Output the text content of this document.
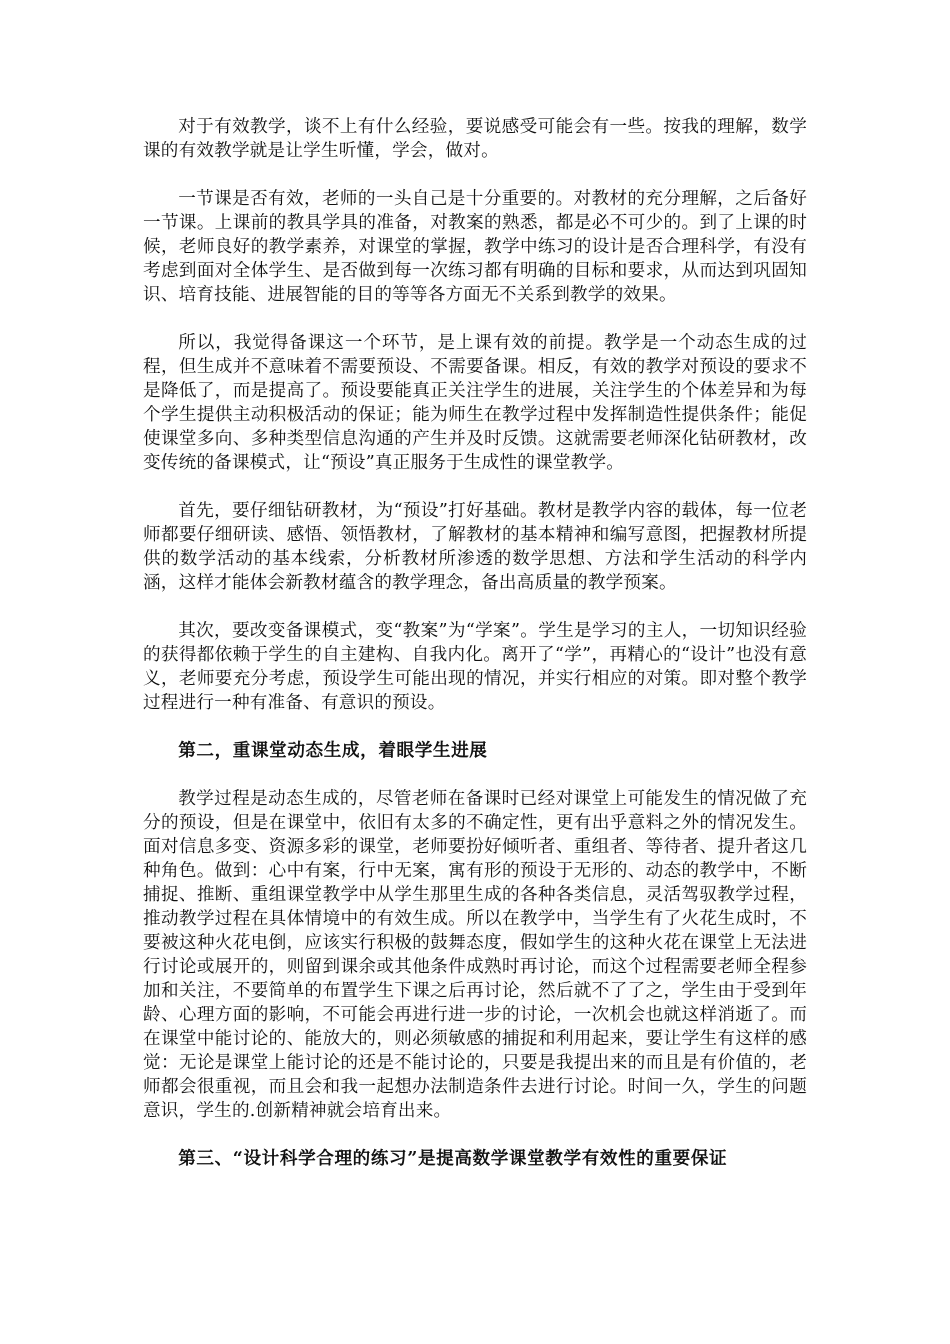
对于有效教学，谈不上有什么经验，要说感受可能会有一些。按我的理解，数学课的有效教学就是让学生听懂，学会，做对。

一节课是否有效，老师的一头自己是十分重要的。对教材的充分理解，之后备好一节课。上课前的教具学具的准备，对教案的熟悉，都是必不可少的。到了上课的时候，老师良好的教学素养，对课堂的掌握，教学中练习的设计是否合理科学，有没有考虑到面对全体学生、是否做到每一次练习都有明确的目标和要求，从而达到巩固知识、培育技能、进展智能的目的等等各方面无不关系到教学的效果。

所以，我觉得备课这一个环节，是上课有效的前提。教学是一个动态生成的过程，但生成并不意味着不需要预设、不需要备课。相反，有效的教学对预设的要求不是降低了，而是提高了。预设要能真正关注学生的进展，关注学生的个体差异和为每个学生提供主动积极活动的保证；能为师生在教学过程中发挥制造性提供条件；能促使课堂多向、多种类型信息沟通的产生并及时反馈。这就需要老师深化钻研教材，改变传统的备课模式，让“预设”真正服务于生成性的课堂教学。

首先，要仔细钻研教材，为“预设”打好基础。教材是教学内容的载体，每一位老师都要仔细研读、感悟、领悟教材，了解教材的基本精神和编写意图，把握教材所提供的数学活动的基本线索，分析教材所渗透的数学思想、方法和学生活动的科学内涵，这样才能体会新教材蕴含的教学理念，备出高质量的教学预案。

其次，要改变备课模式，变“教案”为“学案”。学生是学习的主人，一切知识经验的获得都依赖于学生的自主建构、自我内化。离开了“学”，再精心的“设计”也没有意义，老师要充分考虑，预设学生可能出现的情况，并实行相应的对策。即对整个教学过程进行一种有准备、有意识的预设。

第二，重课堂动态生成，着眼学生进展

教学过程是动态生成的，尽管老师在备课时已经对课堂上可能发生的情况做了充分的预设，但是在课堂中，依旧有太多的不确定性，更有出乎意料之外的情况发生。面对信息多变、资源多彩的课堂，老师要扮好倾听者、重组者、等待者、提升者这几种角色。做到：心中有案，行中无案，寓有形的预设于无形的、动态的教学中，不断捕捉、推断、重组课堂教学中从学生那里生成的各种各类信息，灵活驾驭教学过程，推动教学过程在具体情境中的有效生成。所以在教学中，当学生有了火花生成时，不要被这种火花电倒，应该实行积极的鼓舞态度，假如学生的这种火花在课堂上无法进行讨论或展开的，则留到课余或其他条件成熟时再讨论，而这个过程需要老师全程参加和关注，不要简单的布置学生下课之后再讨论，然后就不了了之，学生由于受到年龄、心理方面的影响，不可能会再进行进一步的讨论，一次机会也就这样消逝了。而在课堂中能讨论的、能放大的，则必须敏感的捕捉和利用起来，要让学生有这样的感觉：无论是课堂上能讨论的还是不能讨论的，只要是我提出来的而且是有价值的，老师都会很重视，而且会和我一起想办法制造条件去进行讨论。时间一久，学生的问题意识，学生的.创新精神就会培育出来。

第三、“设计科学合理的练习”是提高数学课堂教学有效性的重要保证
